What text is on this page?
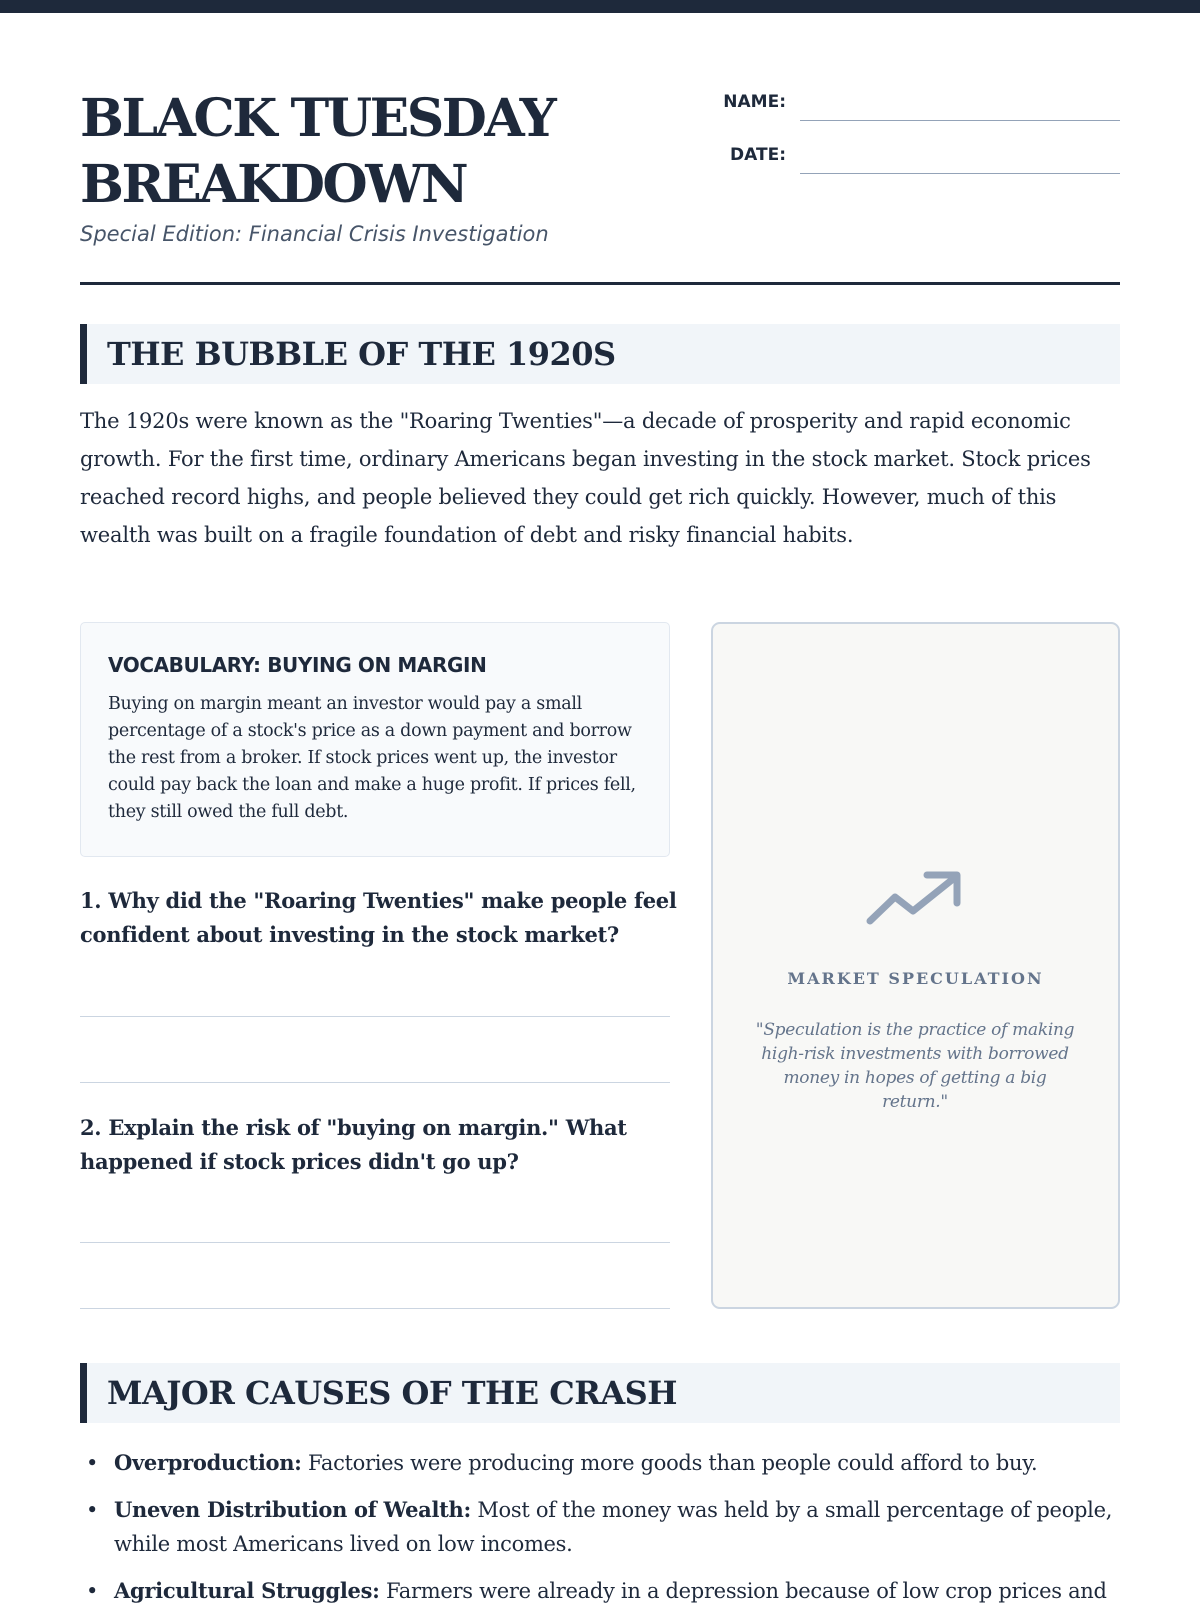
BLACK TUESDAY BREAKDOWN

Special Edition: Financial Crisis Investigation

NAME:
DATE:
THE BUBBLE OF THE 1920S

The 1920s were known as the "Roaring Twenties"—a decade of prosperity and rapid economic growth. For the first time, ordinary Americans began investing in the stock market. Stock prices reached record highs, and people believed they could get rich quickly. However, much of this wealth was built on a fragile foundation of debt and risky financial habits.

VOCABULARY: BUYING ON MARGIN

Buying on margin meant an investor would pay a small percentage of a stock's price as a down payment and borrow the rest from a broker. If stock prices went up, the investor could pay back the loan and make a huge profit. If prices fell, they still owed the full debt.

1. Why did the "Roaring Twenties" make people feel confident about investing in the stock market?

2. Explain the risk of "buying on margin." What happened if stock prices didn't go up?

MARKET SPECULATION

"Speculation is the practice of making high-risk investments with borrowed money in hopes of getting a big return."

MAJOR CAUSES OF THE CRASH
• Overproduction: Factories were producing more goods than people could afford to buy.
• Uneven Distribution of Wealth: Most of the money was held by a small percentage of people, while most Americans lived on low incomes.
• Agricultural Struggles: Farmers were already in a depression because of low crop prices and
